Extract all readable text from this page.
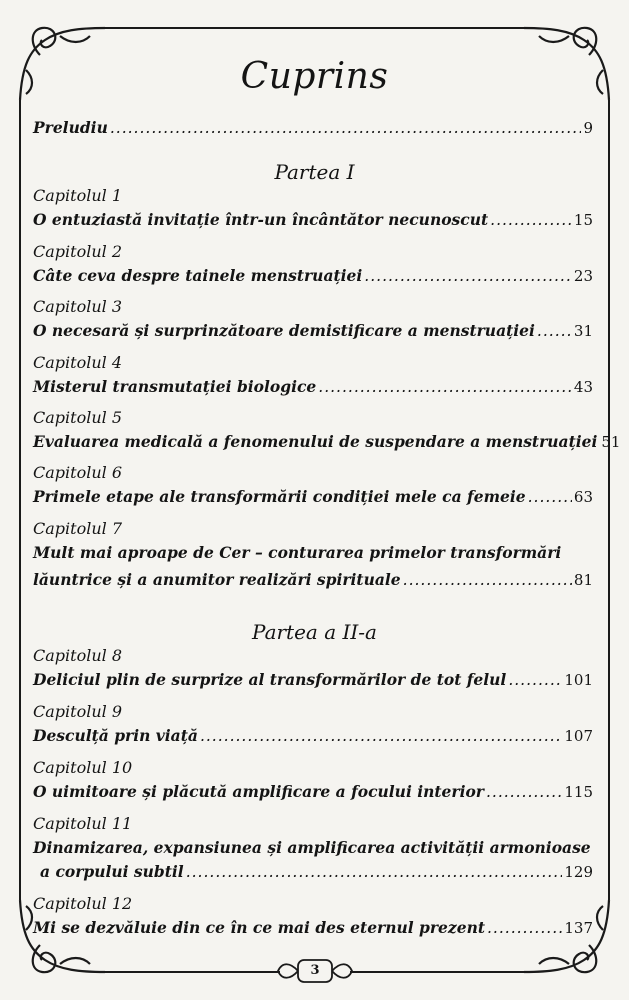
Cuprins
Preludiu .....	9
Partea I
Capitolul 1
O entuziastă invitație într-un încântător necunoscut .....	15
Capitolul 2
Câte ceva despre tainele menstruației .....	23
Capitolul 3
O necesară și surprinzătoare demistificare a menstruației .....	31
Capitolul 4
Misterul transmutației biologice .....	43
Capitolul 5
Evaluarea medicală a fenomenului de suspendare a menstruației 51
Capitolul 6
Primele etape ale transformării condiției mele ca femeie .....	63
Capitolul 7
Mult mai aproape de Cer – conturarea primelor transformări
lăuntrice și a anumitor realizări spirituale .....	81
Partea a II-a
Capitolul 8
Deliciul plin de surprize al transformărilor de tot felul .....	101
Capitolul 9
Desculță prin viață .....	107
Capitolul 10
O uimitoare și plăcută amplificare a focului interior .....	115
Capitolul 11
Dinamizarea, expansiunea și amplificarea activității armonioase
a corpului subtil .....	129
Capitolul 12
Mi se dezvăluie din ce în ce mai des eternul prezent .....	137
3
